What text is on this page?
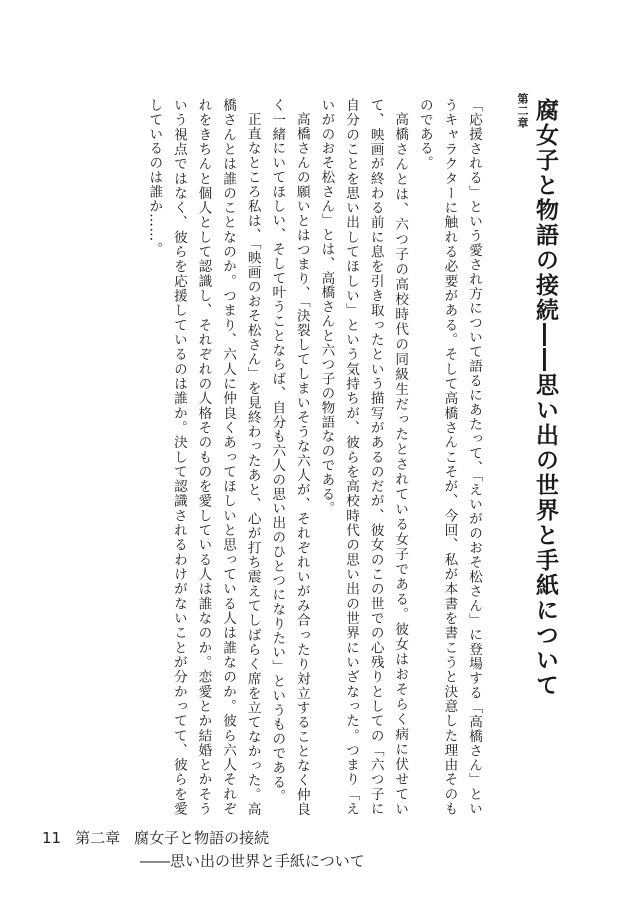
第二章 腐女子と物語の接続――思い出の世界と手紙について

「応援される」という愛され方について語るにあたって、「えいがのおそ松さん」に登場する「高橋さん」というキャラクターに触れる必要がある。そして高橋さんこそが、今回、私が本書を書こうと決意した理由そのものである。

高橋さんとは、六つ子の高校時代の同級生だったとされている女子である。彼女はおそらく病に伏せていて、映画が終わる前に息を引き取ったという描写があるのだが、彼女のこの世での心残りとしての「六つ子に自分のことを思い出してほしい」という気持ちが、彼らを高校時代の思い出の世界にいざなった。つまり「えいがのおそ松さん」とは、高橋さんと六つ子の物語なのである。

高橋さんの願いとはつまり、「決裂してしまいそうな六人が、それぞれいがみ合ったり対立することなく仲良く一緒にいてほしい、そして叶うことならば、自分も六人の思い出のひとつになりたい」というものである。

正直なところ私は、「映画のおそ松さん」を見終わったあと、心が打ち震えてしばらく席を立てなかった。高橋さんとは誰のことなのか。つまり、六人に仲良くあってほしいと思っている人は誰なのか。彼ら六人それぞれをきちんと個人として認識し、それぞれの人格そのものを愛している人は誰なのか。恋愛とか結婚とかそういう視点ではなく、彼らを応援しているのは誰か。決して認識されるわけがないことが分かってて、彼らを愛しているのは誰か……。

11 第二章 腐女子と物語の接続
――思い出の世界と手紙について
